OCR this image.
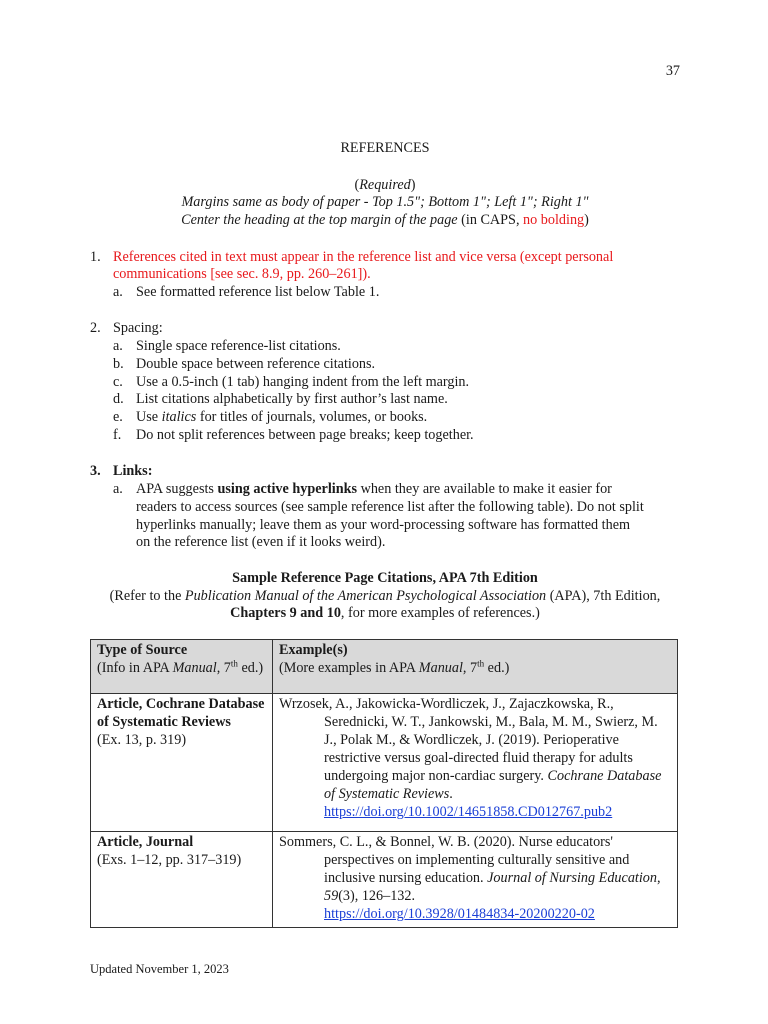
37
REFERENCES
(Required)
Margins same as body of paper - Top 1.5"; Bottom 1"; Left 1"; Right 1"
Center the heading at the top margin of the page (in CAPS, no bolding)
1. References cited in text must appear in the reference list and vice versa (except personal
communications [see sec. 8.9, pp. 260–261]).
a. See formatted reference list below Table 1.
2. Spacing:
a. Single space reference-list citations.
b. Double space between reference citations.
c. Use a 0.5-inch (1 tab) hanging indent from the left margin.
d. List citations alphabetically by first author’s last name.
e. Use italics for titles of journals, volumes, or books.
f. Do not split references between page breaks; keep together.
3. Links:
a. APA suggests using active hyperlinks when they are available to make it easier for
readers to access sources (see sample reference list after the following table). Do not split
hyperlinks manually; leave them as your word-processing software has formatted them
on the reference list (even if it looks weird).
Sample Reference Page Citations, APA 7th Edition
(Refer to the Publication Manual of the American Psychological Association (APA), 7th Edition,
Chapters 9 and 10, for more examples of references.)
Type of Source
(Info in APA Manual, 7th ed.)	Example(s)
(More examples in APA Manual, 7th ed.)
Article, Cochrane Database of Systematic Reviews
(Ex. 13, p. 319)	Wrzosek, A., Jakowicka-Wordliczek, J., Zajaczkowska, R., Serednicki, W. T., Jankowski, M., Bala, M. M., Swierz, M. J., Polak M., & Wordliczek, J. (2019). Perioperative restrictive versus goal-directed fluid therapy for adults undergoing major non-cardiac surgery. Cochrane Database of Systematic Reviews.
https://doi.org/10.1002/14651858.CD012767.pub2

Article, Journal
(Exs. 1–12, pp. 317–319)	Sommers, C. L., & Bonnel, W. B. (2020). Nurse educators' perspectives on implementing culturally sensitive and inclusive nursing education. Journal of Nursing Education, 59(3), 126–132.
https://doi.org/10.3928/01484834-20200220-02
Updated November 1, 2023
